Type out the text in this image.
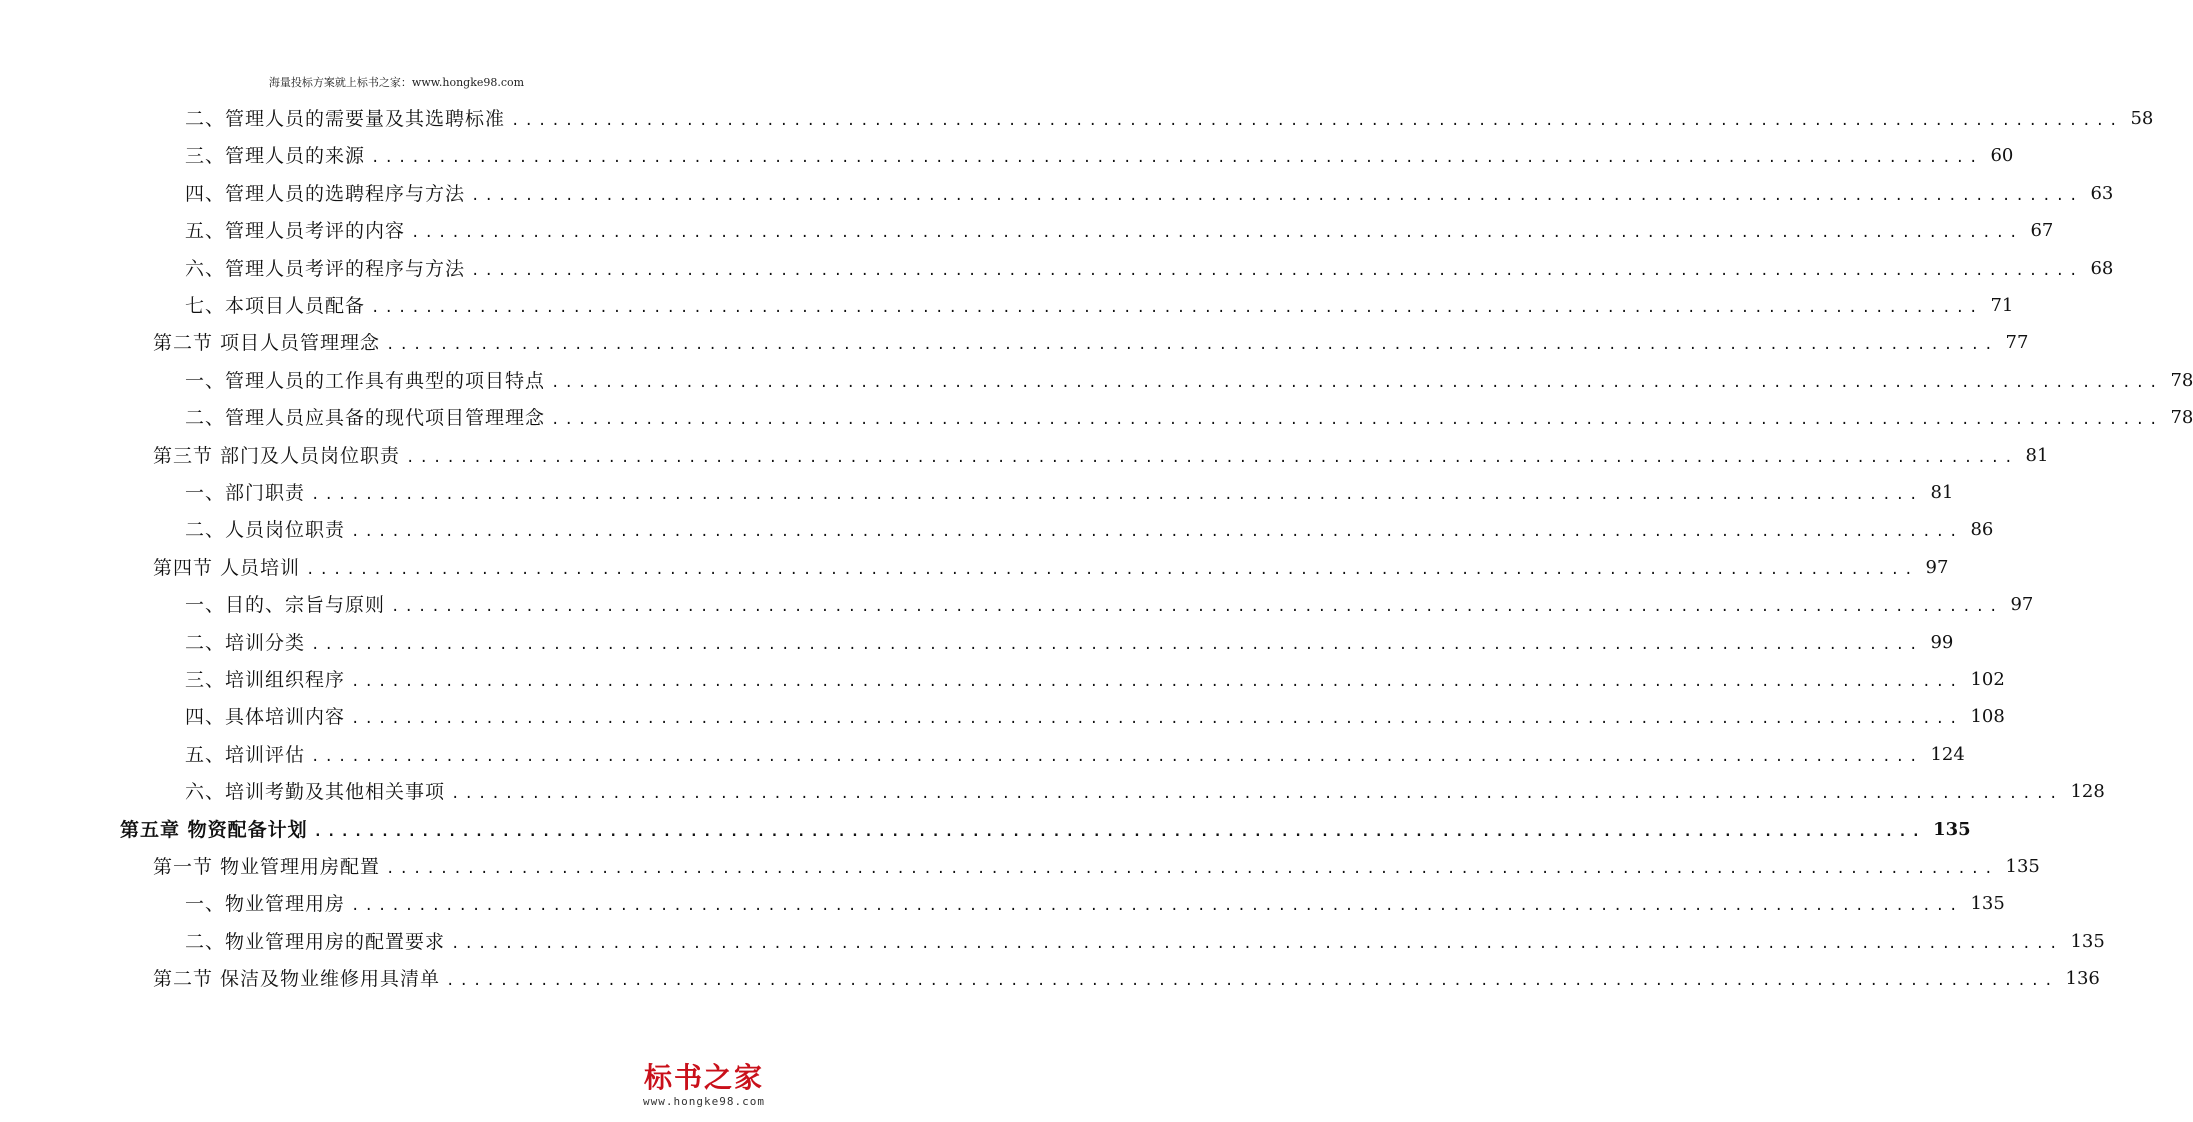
海量投标方案就上标书之家：www.hongke98.com
二、管理人员的需要量及其选聘标准 ........................................................................................................................ 58
三、管理人员的来源 ........................................................................................................................ 60
四、管理人员的选聘程序与方法 ........................................................................................................................ 63
五、管理人员考评的内容 ........................................................................................................................ 67
六、管理人员考评的程序与方法 ........................................................................................................................ 68
七、本项目人员配备 ........................................................................................................................ 71
第二节 项目人员管理理念 ........................................................................................................................ 77
一、管理人员的工作具有典型的项目特点 ........................................................................................................................ 78
二、管理人员应具备的现代项目管理理念 ........................................................................................................................ 78
第三节 部门及人员岗位职责 ........................................................................................................................ 81
一、部门职责 ........................................................................................................................ 81
二、人员岗位职责 ........................................................................................................................ 86
第四节 人员培训 ........................................................................................................................ 97
一、目的、宗旨与原则 ........................................................................................................................ 97
二、培训分类 ........................................................................................................................ 99
三、培训组织程序 ........................................................................................................................ 102
四、具体培训内容 ........................................................................................................................ 108
五、培训评估 ........................................................................................................................ 124
六、培训考勤及其他相关事项 ........................................................................................................................ 128
第五章 物资配备计划 ........................................................................................................................ 135
第一节 物业管理用房配置 ........................................................................................................................ 135
一、物业管理用房 ........................................................................................................................ 135
二、物业管理用房的配置要求 ........................................................................................................................ 135
第二节 保洁及物业维修用具清单 ........................................................................................................................ 136
标书之家
www.hongke98.com
